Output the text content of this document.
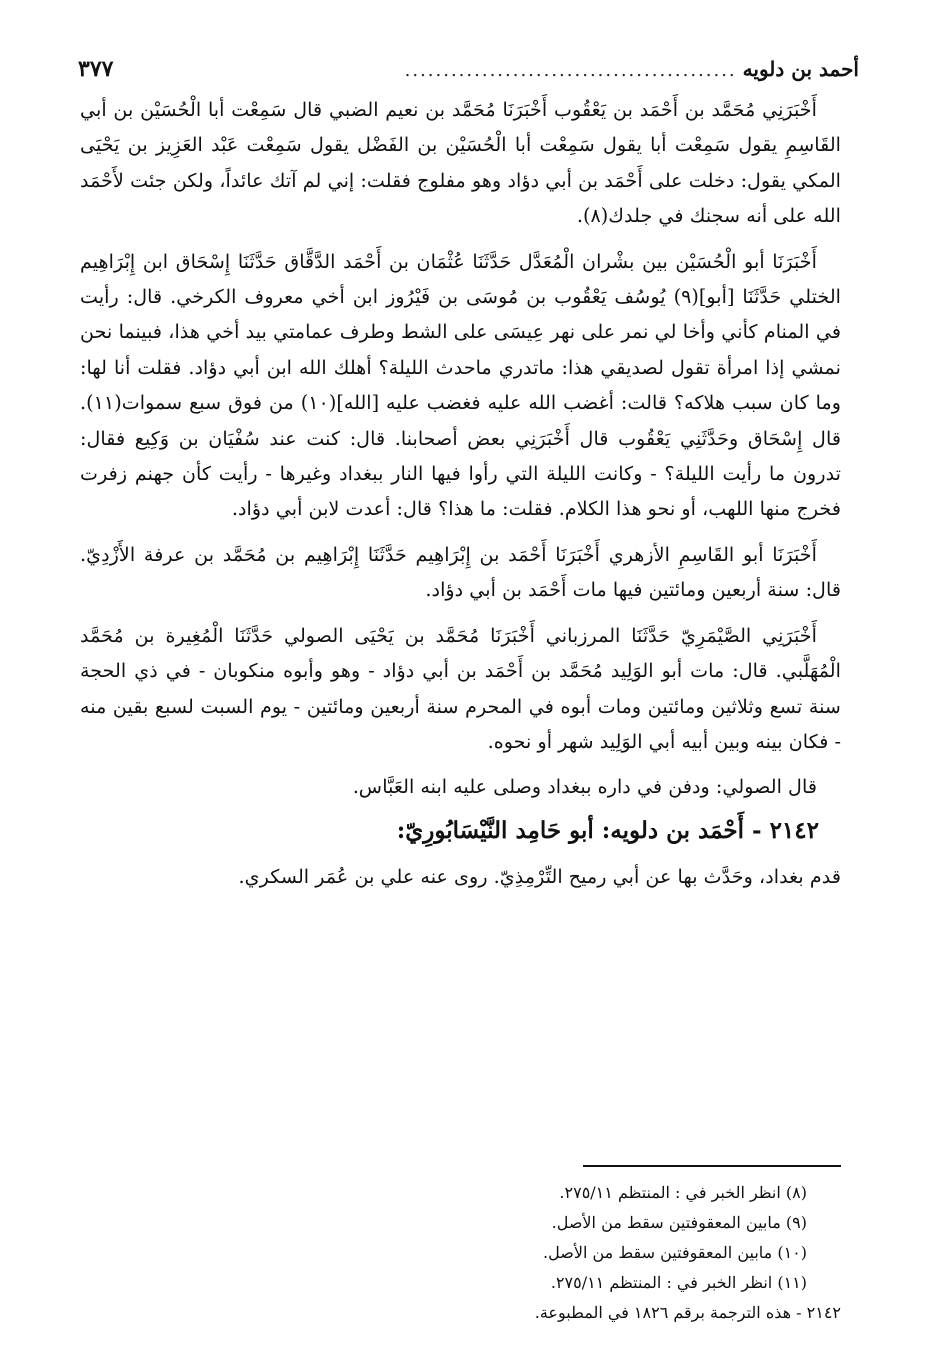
أحمد بن دلويه
...........................................
٣٧٧

أَخْبَرَنِي مُحَمَّد بن أَحْمَد بن يَعْقُوب أَخْبَرَنَا مُحَمَّد بن نعيم الضبي قال سَمِعْت أبا الْحُسَيْن بن أبي القَاسِمِ يقول سَمِعْت أبا يقول سَمِعْت أبا الْحُسَيْن بن الفَضْل يقول سَمِعْت عَبْد العَزِيز بن يَحْيَى المكي يقول: دخلت على أَحْمَد بن أبي دؤاد وهو مفلوج فقلت: إني لم آتك عائداً، ولكن جئت لأَحْمَد الله على أنه سجنك في جلدك(٨).

أَخْبَرَنَا أبو الْحُسَيْن بين بشْران الْمُعَدَّل حَدَّثَنَا عُثْمَان بن أَحْمَد الدَّقَّاق حَدَّثَنَا إِسْحَاق ابن إِبْرَاهِيم الختلي حَدَّثَنَا [أبو](٩) يُوسُف يَعْقُوب بن مُوسَى بن فَيْرُوز ابن أخي معروف الكرخي. قال: رأيت في المنام كأني وأخا لي نمر على نهر عِيسَى على الشط وطرف عمامتي بيد أخي هذا، فبينما نحن نمشي إذا امرأة تقول لصديقي هذا: ماتدري ماحدث الليلة؟ أهلك الله ابن أبي دؤاد. فقلت أنا لها: وما كان سبب هلاكه؟ قالت: أغضب الله عليه فغضب عليه [الله](١٠) من فوق سبع سموات(١١). قال إِسْحَاق وحَدَّثَنِي يَعْقُوب قال أَخْبَرَنِي بعض أصحابنا. قال: كنت عند سُفْيَان بن وَكِيع فقال: تدرون ما رأيت الليلة؟ - وكانت الليلة التي رأوا فيها النار ببغداد وغيرها - رأيت كأن جهنم زفرت فخرج منها اللهب، أو نحو هذا الكلام. فقلت: ما هذا؟ قال: أعدت لابن أبي دؤاد.

أَخْبَرَنَا أبو القَاسِمِ الأزهري أَخْبَرَنَا أَحْمَد بن إِبْرَاهِيم حَدَّثَنَا إِبْرَاهِيم بن مُحَمَّد بن عرفة الأَزْدِيّ. قال: سنة أربعين ومائتين فيها مات أَحْمَد بن أبي دؤاد.

أَخْبَرَنِي الصَّيْمَرِيّ حَدَّثَنَا المرزباني أَخْبَرَنَا مُحَمَّد بن يَحْيَى الصولي حَدَّثَنَا الْمُغِيرة بن مُحَمَّد الْمُهَلَّبي. قال: مات أبو الوَلِيد مُحَمَّد بن أَحْمَد بن أبي دؤاد - وهو وأبوه منكوبان - في ذي الحجة سنة تسع وثلاثين ومائتين ومات أبوه في المحرم سنة أربعين ومائتين - يوم السبت لسبع بقين منه - فكان بينه وبين أبيه أبي الوَلِيد شهر أو نحوه.

قال الصولي: ودفن في داره ببغداد وصلى عليه ابنه العَبَّاس.

٢١٤٢ - أَحْمَد بن دلويه: أبو حَامِد النَّيْسَابُورِيّ:

قدم بغداد، وحَدَّث بها عن أبي رميح التِّرْمِذِيّ. روى عنه علي بن عُمَر السكري.

(٨) انظر الخبر في : المنتظم ٢٧٥/١١.

(٩) مابين المعقوفتين سقط من الأصل.

(١٠) مابين المعقوفتين سقط من الأصل.

(١١) انظر الخبر في : المنتظم ٢٧٥/١١.

٢١٤٢ - هذه الترجمة برقم ١٨٢٦ في المطبوعة.
